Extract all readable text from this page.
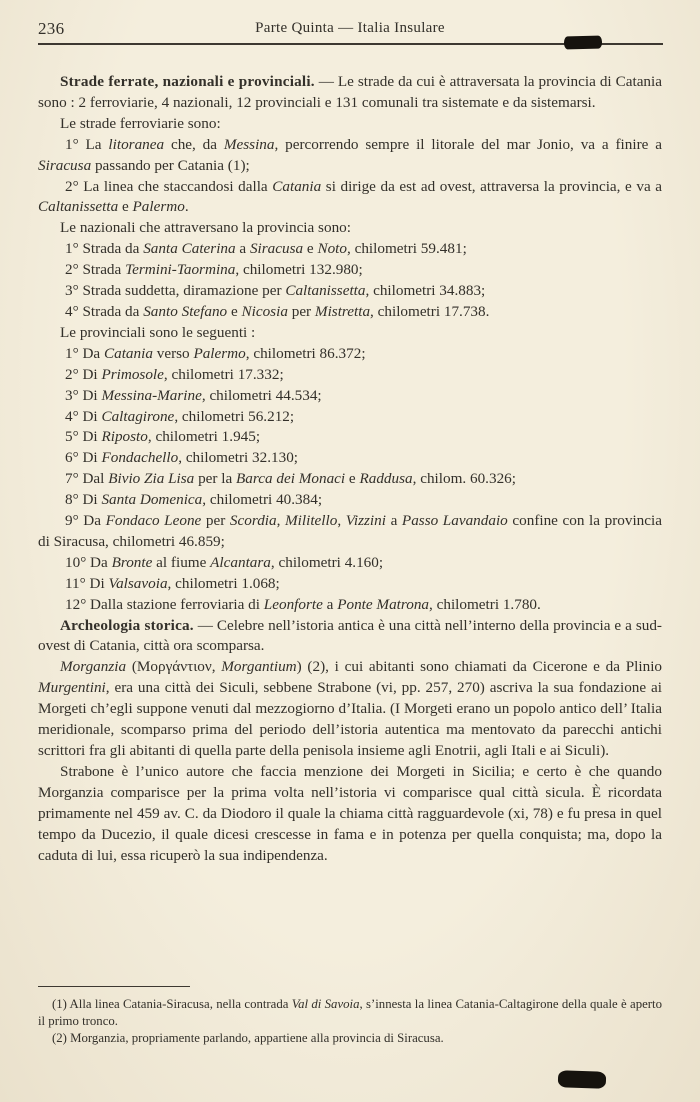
236	Parte Quinta — Italia Insulare

Strade ferrate, nazionali e provinciali. — Le strade da cui è attraversata la provincia di Catania sono : 2 ferroviarie, 4 nazionali, 12 provinciali e 131 comunali tra sistemate e da sistemarsi.

Le strade ferroviarie sono:

1° La litoranea che, da Messina, percorrendo sempre il litorale del mar Jonio, va a finire a Siracusa passando per Catania (1);

2° La linea che staccandosi dalla Catania si dirige da est ad ovest, attraversa la provincia, e va a Caltanissetta e Palermo.

Le nazionali che attraversano la provincia sono:

1° Strada da Santa Caterina a Siracusa e Noto, chilometri 59.481;

2° Strada Termini-Taormina, chilometri 132.980;

3° Strada suddetta, diramazione per Caltanissetta, chilometri 34.883;

4° Strada da Santo Stefano e Nicosia per Mistretta, chilometri 17.738.

Le provinciali sono le seguenti :

1° Da Catania verso Palermo, chilometri 86.372;

2° Di Primosole, chilometri 17.332;

3° Di Messina-Marine, chilometri 44.534;

4° Di Caltagirone, chilometri 56.212;

5° Di Riposto, chilometri 1.945;

6° Di Fondachello, chilometri 32.130;

7° Dal Bivio Zia Lisa per la Barca dei Monaci e Raddusa, chilom. 60.326;

8° Di Santa Domenica, chilometri 40.384;

9° Da Fondaco Leone per Scordia, Militello, Vizzini a Passo Lavandaio confine con la provincia di Siracusa, chilometri 46.859;

10° Da Bronte al fiume Alcantara, chilometri 4.160;

11° Di Valsavoia, chilometri 1.068;

12° Dalla stazione ferroviaria di Leonforte a Ponte Matrona, chilometri 1.780.

Archeologia storica. — Celebre nell’istoria antica è una città nell’interno della provincia e a sud-ovest di Catania, città ora scomparsa.

Morganzia (Μοργάντιον, Morgantium) (2), i cui abitanti sono chiamati da Cicerone e da Plinio Murgentini, era una città dei Siculi, sebbene Strabone (vi, pp. 257, 270) ascriva la sua fondazione ai Morgeti ch’egli suppone venuti dal mezzogiorno d’Italia. (I Morgeti erano un popolo antico dell’ Italia meridionale, scomparso prima del periodo dell’istoria autentica ma mentovato da parecchi antichi scrittori fra gli abitanti di quella parte della penisola insieme agli Enotrii, agli Itali e ai Siculi).

Strabone è l’unico autore che faccia menzione dei Morgeti in Sicilia; e certo è che quando Morganzia comparisce per la prima volta nell’istoria vi comparisce qual città sicula. È ricordata primamente nel 459 av. C. da Diodoro il quale la chiama città ragguardevole (xi, 78) e fu presa in quel tempo da Ducezio, il quale dicesi crescesse in fama e in potenza per quella conquista; ma, dopo la caduta di lui, essa ricuperò la sua indipendenza.

(1) Alla linea Catania-Siracusa, nella contrada Val di Savoia, s’innesta la linea Catania-Caltagirone della quale è aperto il primo tronco.

(2) Morganzia, propriamente parlando, appartiene alla provincia di Siracusa.
